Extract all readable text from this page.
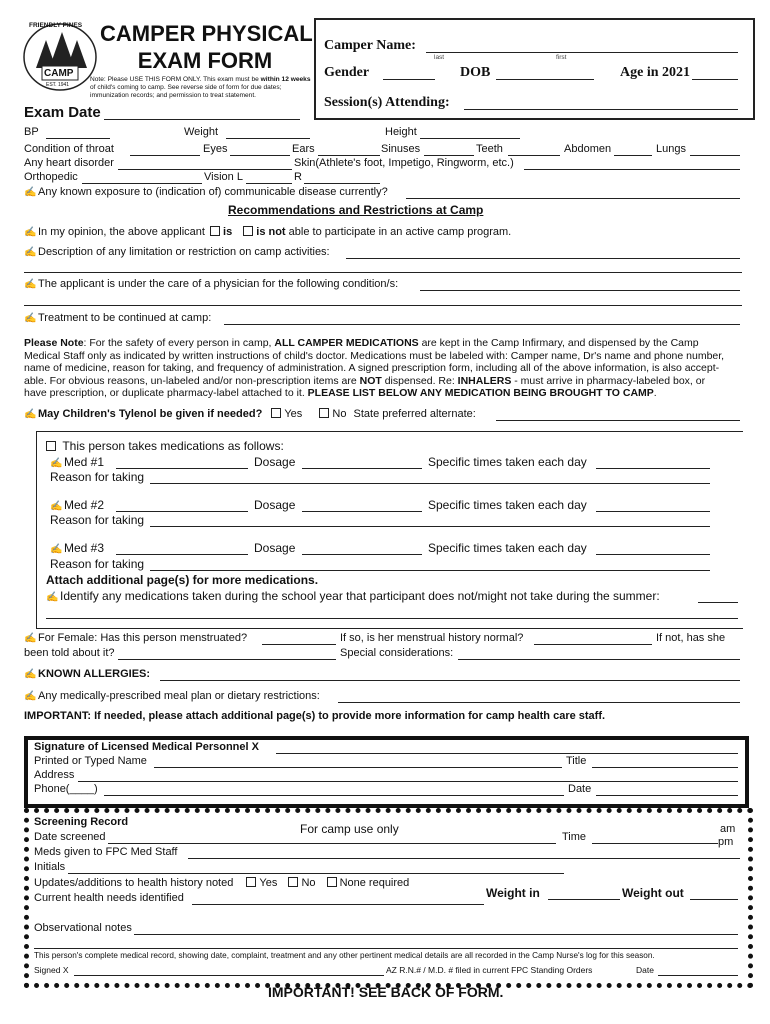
FRIENDLY PINES
CAMP
EST. 1941
CAMPER PHYSICAL
EXAM FORM
Note: Please USE THIS FORM ONLY. This exam must be within 12 weeks of child's coming to camp. See reverse side of form for due dates; immunization records; and permission to treat statement.
Camper Name:
last	first
Gender	DOB	Age in 2021
Session(s) Attending:
Exam Date
BP	Weight	Height
Condition of throat	Eyes	Ears	Sinuses	Teeth	Abdomen	Lungs
Any heart disorder	Skin(Athlete's foot, Impetigo, Ringworm, etc.)
Orthopedic	Vision L	R
✍ Any known exposure to (indication of) communicable disease currently?
Recommendations and Restrictions at Camp
✍ In my opinion, the above applicant is is not able to participate in an active camp program.
✍ Description of any limitation or restriction on camp activities:
✍ The applicant is under the care of a physician for the following condition/s:
✍ Treatment to be continued at camp:
Please Note: For the safety of every person in camp, ALL CAMPER MEDICATIONS are kept in the Camp Infirmary, and dispensed by the Camp
Medical Staff only as indicated by written instructions of child's doctor. Medications must be labeled with: Camper name, Dr's name and phone number,
name of medicine, reason for taking, and frequency of administration. A signed prescription form, including all of the above information, is also accept-
able. For obvious reasons, un-labeled and/or non-prescription items are NOT dispensed. Re: INHALERS - must arrive in pharmacy-labeled box, or
have prescription, or duplicate pharmacy-label attached to it. PLEASE LIST BELOW ANY MEDICATION BEING BROUGHT TO CAMP.
✍ May Children's Tylenol be given if needed? Yes	No State preferred alternate:
This person takes medications as follows:
✍ Med #1	Dosage	Specific times taken each day
Reason for taking
✍ Med #2	Dosage	Specific times taken each day
Reason for taking
✍ Med #3	Dosage	Specific times taken each day
Reason for taking
Attach additional page(s) for more medications.
✍ Identify any medications taken during the school year that participant does not/might not take during the summer:
✍ For Female: Has this person menstruated?	If so, is her menstrual history normal?	If not, has she
been told about it?	Special considerations:
✍ KNOWN ALLERGIES:
✍ Any medically-prescribed meal plan or dietary restrictions:
IMPORTANT: If needed, please attach additional page(s) to provide more information for camp health care staff.
Signature of Licensed Medical Personnel X
Printed or Typed Name	Title
Address
Phone(____)	Date
Screening Record	For camp use only
Date screened	Time
am
pm
Meds given to FPC Med Staff
Initials
Updates/additions to health history noted Yes No None required
Weight in	Weight out
Current health needs identified
Observational notes
This person's complete medical record, showing date, complaint, treatment and any other pertinent medical details are all recorded in the Camp Nurse's log for this season.
Signed X	AZ R.N.# / M.D. # filed in current FPC Standing Orders	Date
IMPORTANT! SEE BACK OF FORM.
